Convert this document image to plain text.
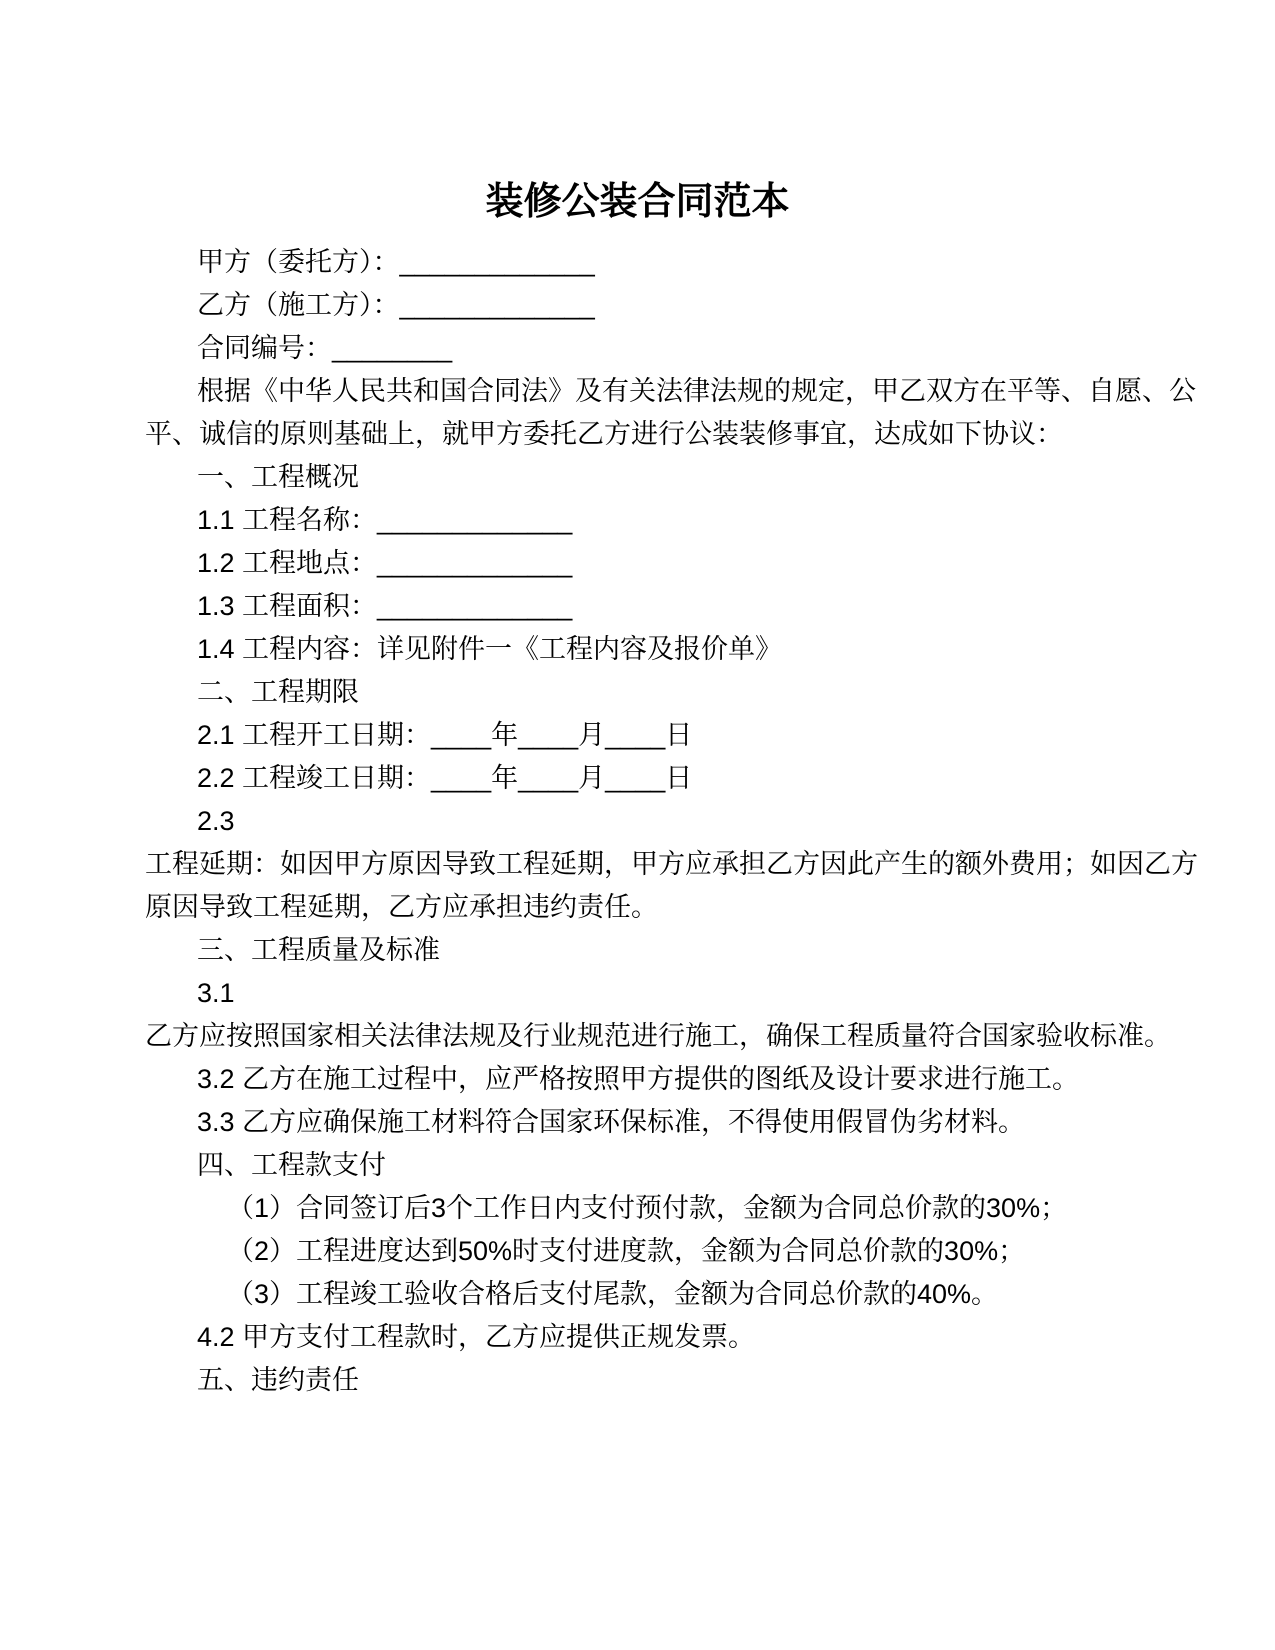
装修公装合同范本

甲方（委托方）：_____________

乙方（施工方）：_____________

合同编号：________

根据《中华人民共和国合同法》及有关法律法规的规定，甲乙双方在平等、自愿、公

平、诚信的原则基础上，就甲方委托乙方进行公装装修事宜，达成如下协议：

一、工程概况

1.1 工程名称：_____________

1.2 工程地点：_____________

1.3 工程面积：_____________

1.4 工程内容：详见附件一《工程内容及报价单》

二、工程期限

2.1 工程开工日期：____年____月____日

2.2 工程竣工日期：____年____月____日

2.3

工程延期：如因甲方原因导致工程延期，甲方应承担乙方因此产生的额外费用；如因乙方

原因导致工程延期，乙方应承担违约责任。

三、工程质量及标准

3.1

乙方应按照国家相关法律法规及行业规范进行施工，确保工程质量符合国家验收标准。

3.2 乙方在施工过程中，应严格按照甲方提供的图纸及设计要求进行施工。

3.3 乙方应确保施工材料符合国家环保标准，不得使用假冒伪劣材料。

四、工程款支付

（1）合同签订后3个工作日内支付预付款，金额为合同总价款的30%；

（2）工程进度达到50%时支付进度款，金额为合同总价款的30%；

（3）工程竣工验收合格后支付尾款，金额为合同总价款的40%。

4.2 甲方支付工程款时，乙方应提供正规发票。

五、违约责任
